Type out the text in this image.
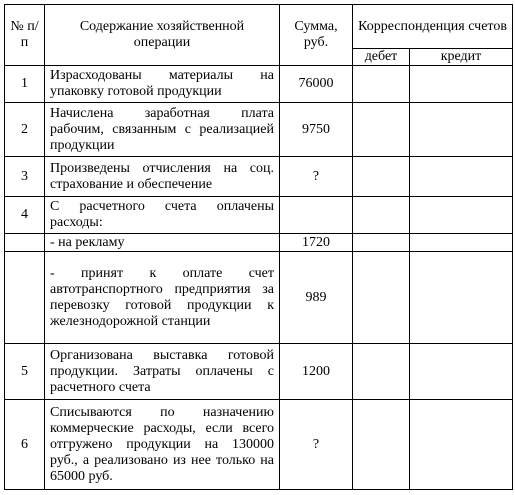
№ п/п	Содержание хозяйственной операции	Сумма, руб.	Корреспонденция счетов	
			дебет	кредит
1	Израсходованы материалы на упаковку готовой продукции	76000		
2	Начислена заработная плата рабочим, связанным с реализацией продукции	9750		
3	Произведены отчисления на соц. страхование и обеспечение	?		
4	С расчетного счета оплачены расходы:			
	- на рекламу	1720		
	- принят к оплате счет автотранспортного предприятия за перевозку готовой продукции к железнодорожной станции	989		
5	Организована выставка готовой продукции. Затраты оплачены с расчетного счета	1200		
6	Списываются по назначению коммерческие расходы, если всего отгружено продукции на 130000 руб., а реализовано из нее только на 65000 руб.	?		
